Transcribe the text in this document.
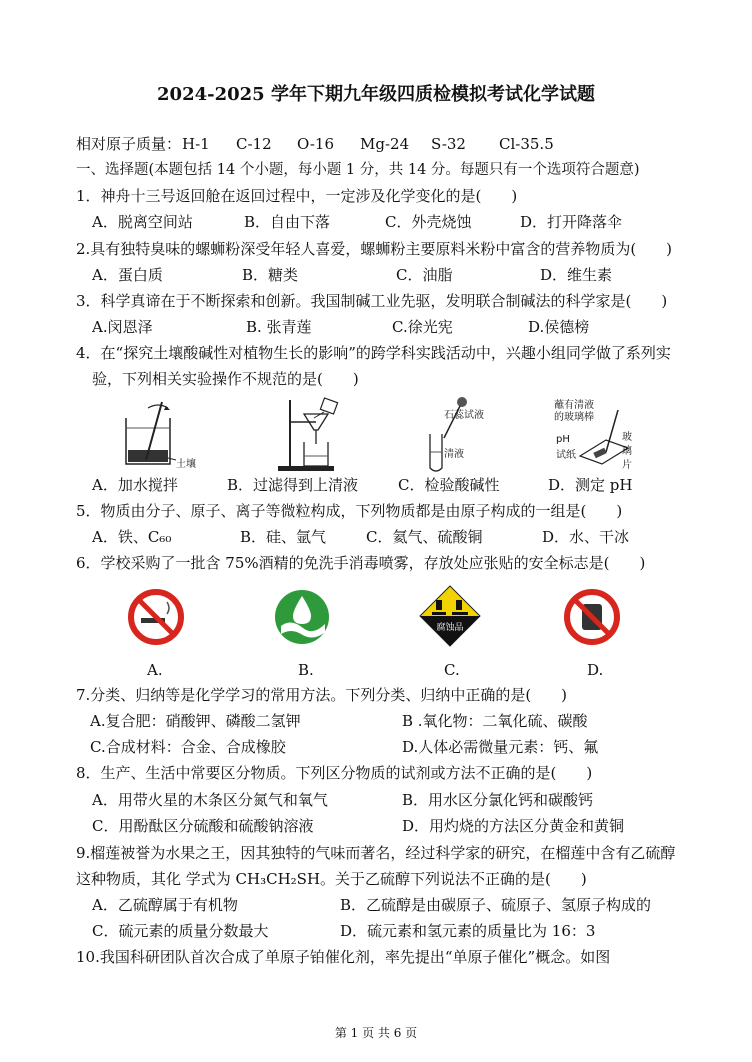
2024-2025 学年下期九年级四质检模拟考试化学试题
相对原子质量： H-1 C-12 O-16 Mg-24 S-32 Cl-35.5
一、选择题(本题包括 14 个小题，每小题 1 分，共 14 分。每题只有一个选项符合题意)
1．神舟十三号返回舱在返回过程中，一定涉及化学变化的是(　　)
A．脱离空间站	B．自由下落	C．外壳烧蚀	D．打开降落伞
2.具有独特臭味的螺蛳粉深受年轻人喜爱，螺蛳粉主要原料米粉中富含的营养物质为(　　)
A．蛋白质	B．糖类	C．油脂	D．维生素
3．科学真谛在于不断探索和创新。我国制碱工业先驱，发明联合制碱法的科学家是(　　)
A.闵恩泽	B. 张青莲	C.徐光宪	D.侯德榜
4．在“探究土壤酸碱性对植物生长的影响”的跨学科实践活动中，兴趣小组同学做了系列实
验，下列相关实验操作不规范的是(　　)
土壤
石蕊试液
清液
蘸有清液
的玻璃棒
pH
试纸
玻
璃
片
A．加水搅拌	B．过滤得到上清液	C．检验酸碱性	D．测定 pH
5．物质由分子、原子、离子等微粒构成，下列物质都是由原子构成的一组是(　　)
A．铁、C₆₀	B．硅、氩气	C．氦气、硫酸铜	D．水、干冰
6．学校采购了一批含 75%酒精的免洗手消毒喷雾，存放处应张贴的安全标志是(　　)
腐蚀品
A.	B.	C.	D.
7.分类、归纳等是化学学习的常用方法。下列分类、归纳中正确的是(　　)
A.复合肥：硝酸钾、磷酸二氢钾	B .氧化物：二氧化硫、碳酸
C.合成材料：合金、合成橡胶	D.人体必需微量元素：钙、氟
8．生产、生活中常要区分物质。下列区分物质的试剂或方法不正确的是(　　)
A．用带火星的木条区分氮气和氧气	B．用水区分氯化钙和碳酸钙
C．用酚酞区分硫酸和硫酸钠溶液	D．用灼烧的方法区分黄金和黄铜
9.榴莲被誉为水果之王，因其独特的气味而著名，经过科学家的研究，在榴莲中含有乙硫醇
这种物质，其化 学式为 CH₃CH₂SH。关于乙硫醇下列说法不正确的是(　　)
A．乙硫醇属于有机物	B．乙硫醇是由碳原子、硫原子、氢原子构成的
C．硫元素的质量分数最大	D．硫元素和氢元素的质量比为 16：3
10.我国科研团队首次合成了单原子铂催化剂，率先提出“单原子催化”概念。如图
第 1 页 共 6 页
